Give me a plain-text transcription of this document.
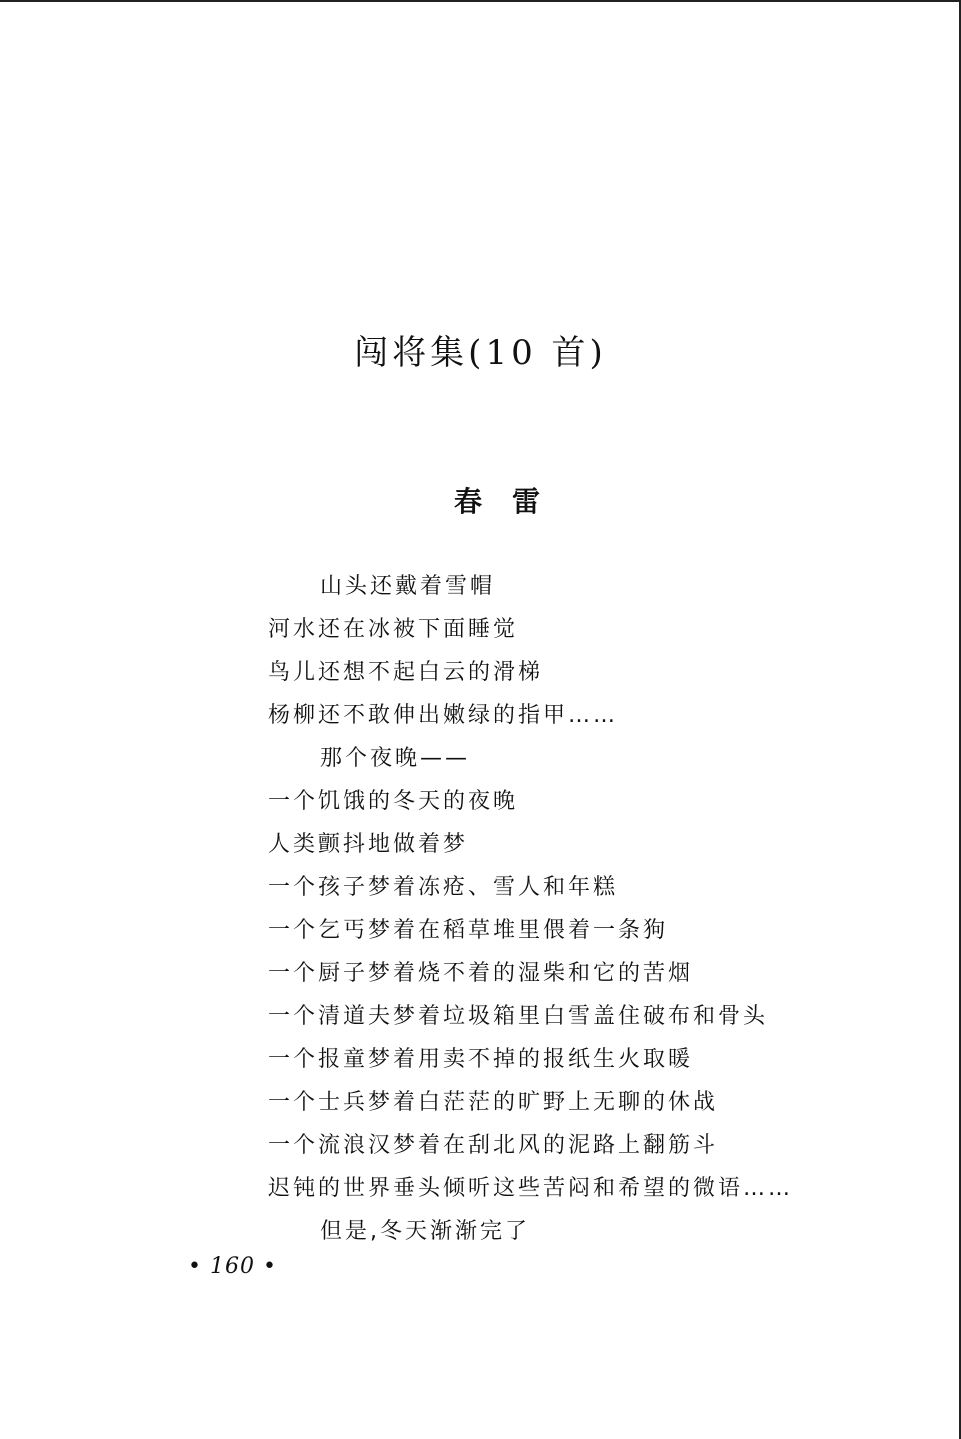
闯将集(10 首)
春雷
山头还戴着雪帽
河水还在冰被下面睡觉
鸟儿还想不起白云的滑梯
杨柳还不敢伸出嫩绿的指甲……
那个夜晚——
一个饥饿的冬天的夜晚
人类颤抖地做着梦
一个孩子梦着冻疮、雪人和年糕
一个乞丐梦着在稻草堆里偎着一条狗
一个厨子梦着烧不着的湿柴和它的苦烟
一个清道夫梦着垃圾箱里白雪盖住破布和骨头
一个报童梦着用卖不掉的报纸生火取暖
一个士兵梦着白茫茫的旷野上无聊的休战
一个流浪汉梦着在刮北风的泥路上翻筋斗
迟钝的世界垂头倾听这些苦闷和希望的微语……
但是,冬天渐渐完了
• 160 •
